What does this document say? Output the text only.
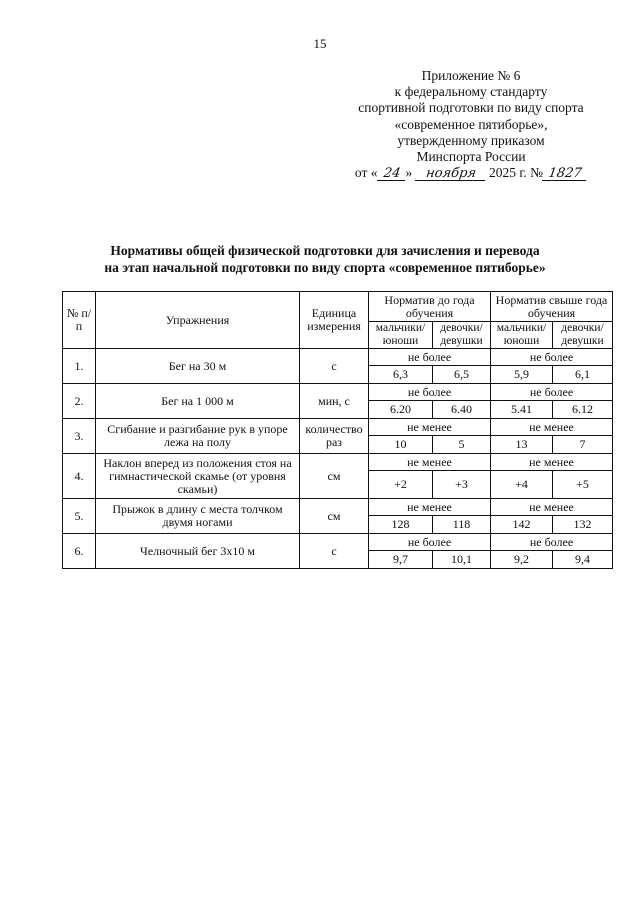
15
Приложение № 6
к федеральному стандарту
спортивной подготовки по виду спорта
«современное пятиборье»,
утвержденному приказом
Минспорта России
от « 24 » ноября 2025 г. № 1827
Нормативы общей физической подготовки для зачисления и перевода
на этап начальной подготовки по виду спорта «современное пятиборье»
№ п/п	Упражнения	Единица измерения	Норматив до года обучения		Норматив свыше года обучения	
			мальчики/ юноши	девочки/ девушки	мальчики/ юноши	девочки/ девушки
1.	Бег на 30 м	с	не более		не более	
			6,3	6,5	5,9	6,1
2.	Бег на 1 000 м	мин, с	не более		не более	
			6.20	6.40	5.41	6.12
3.	Сгибание и разгибание рук в упоре лежа на полу	количество раз	не менее		не менее	
			10	5	13	7
4.	Наклон вперед из положения стоя на гимнастической скамье (от уровня скамьи)	см	не менее		не менее	
			+2	+3	+4	+5
5.	Прыжок в длину с места толчком двумя ногами	см	не менее		не менее	
			128	118	142	132
6.	Челночный бег 3х10 м	с	не более		не более	
			9,7	10,1	9,2	9,4
